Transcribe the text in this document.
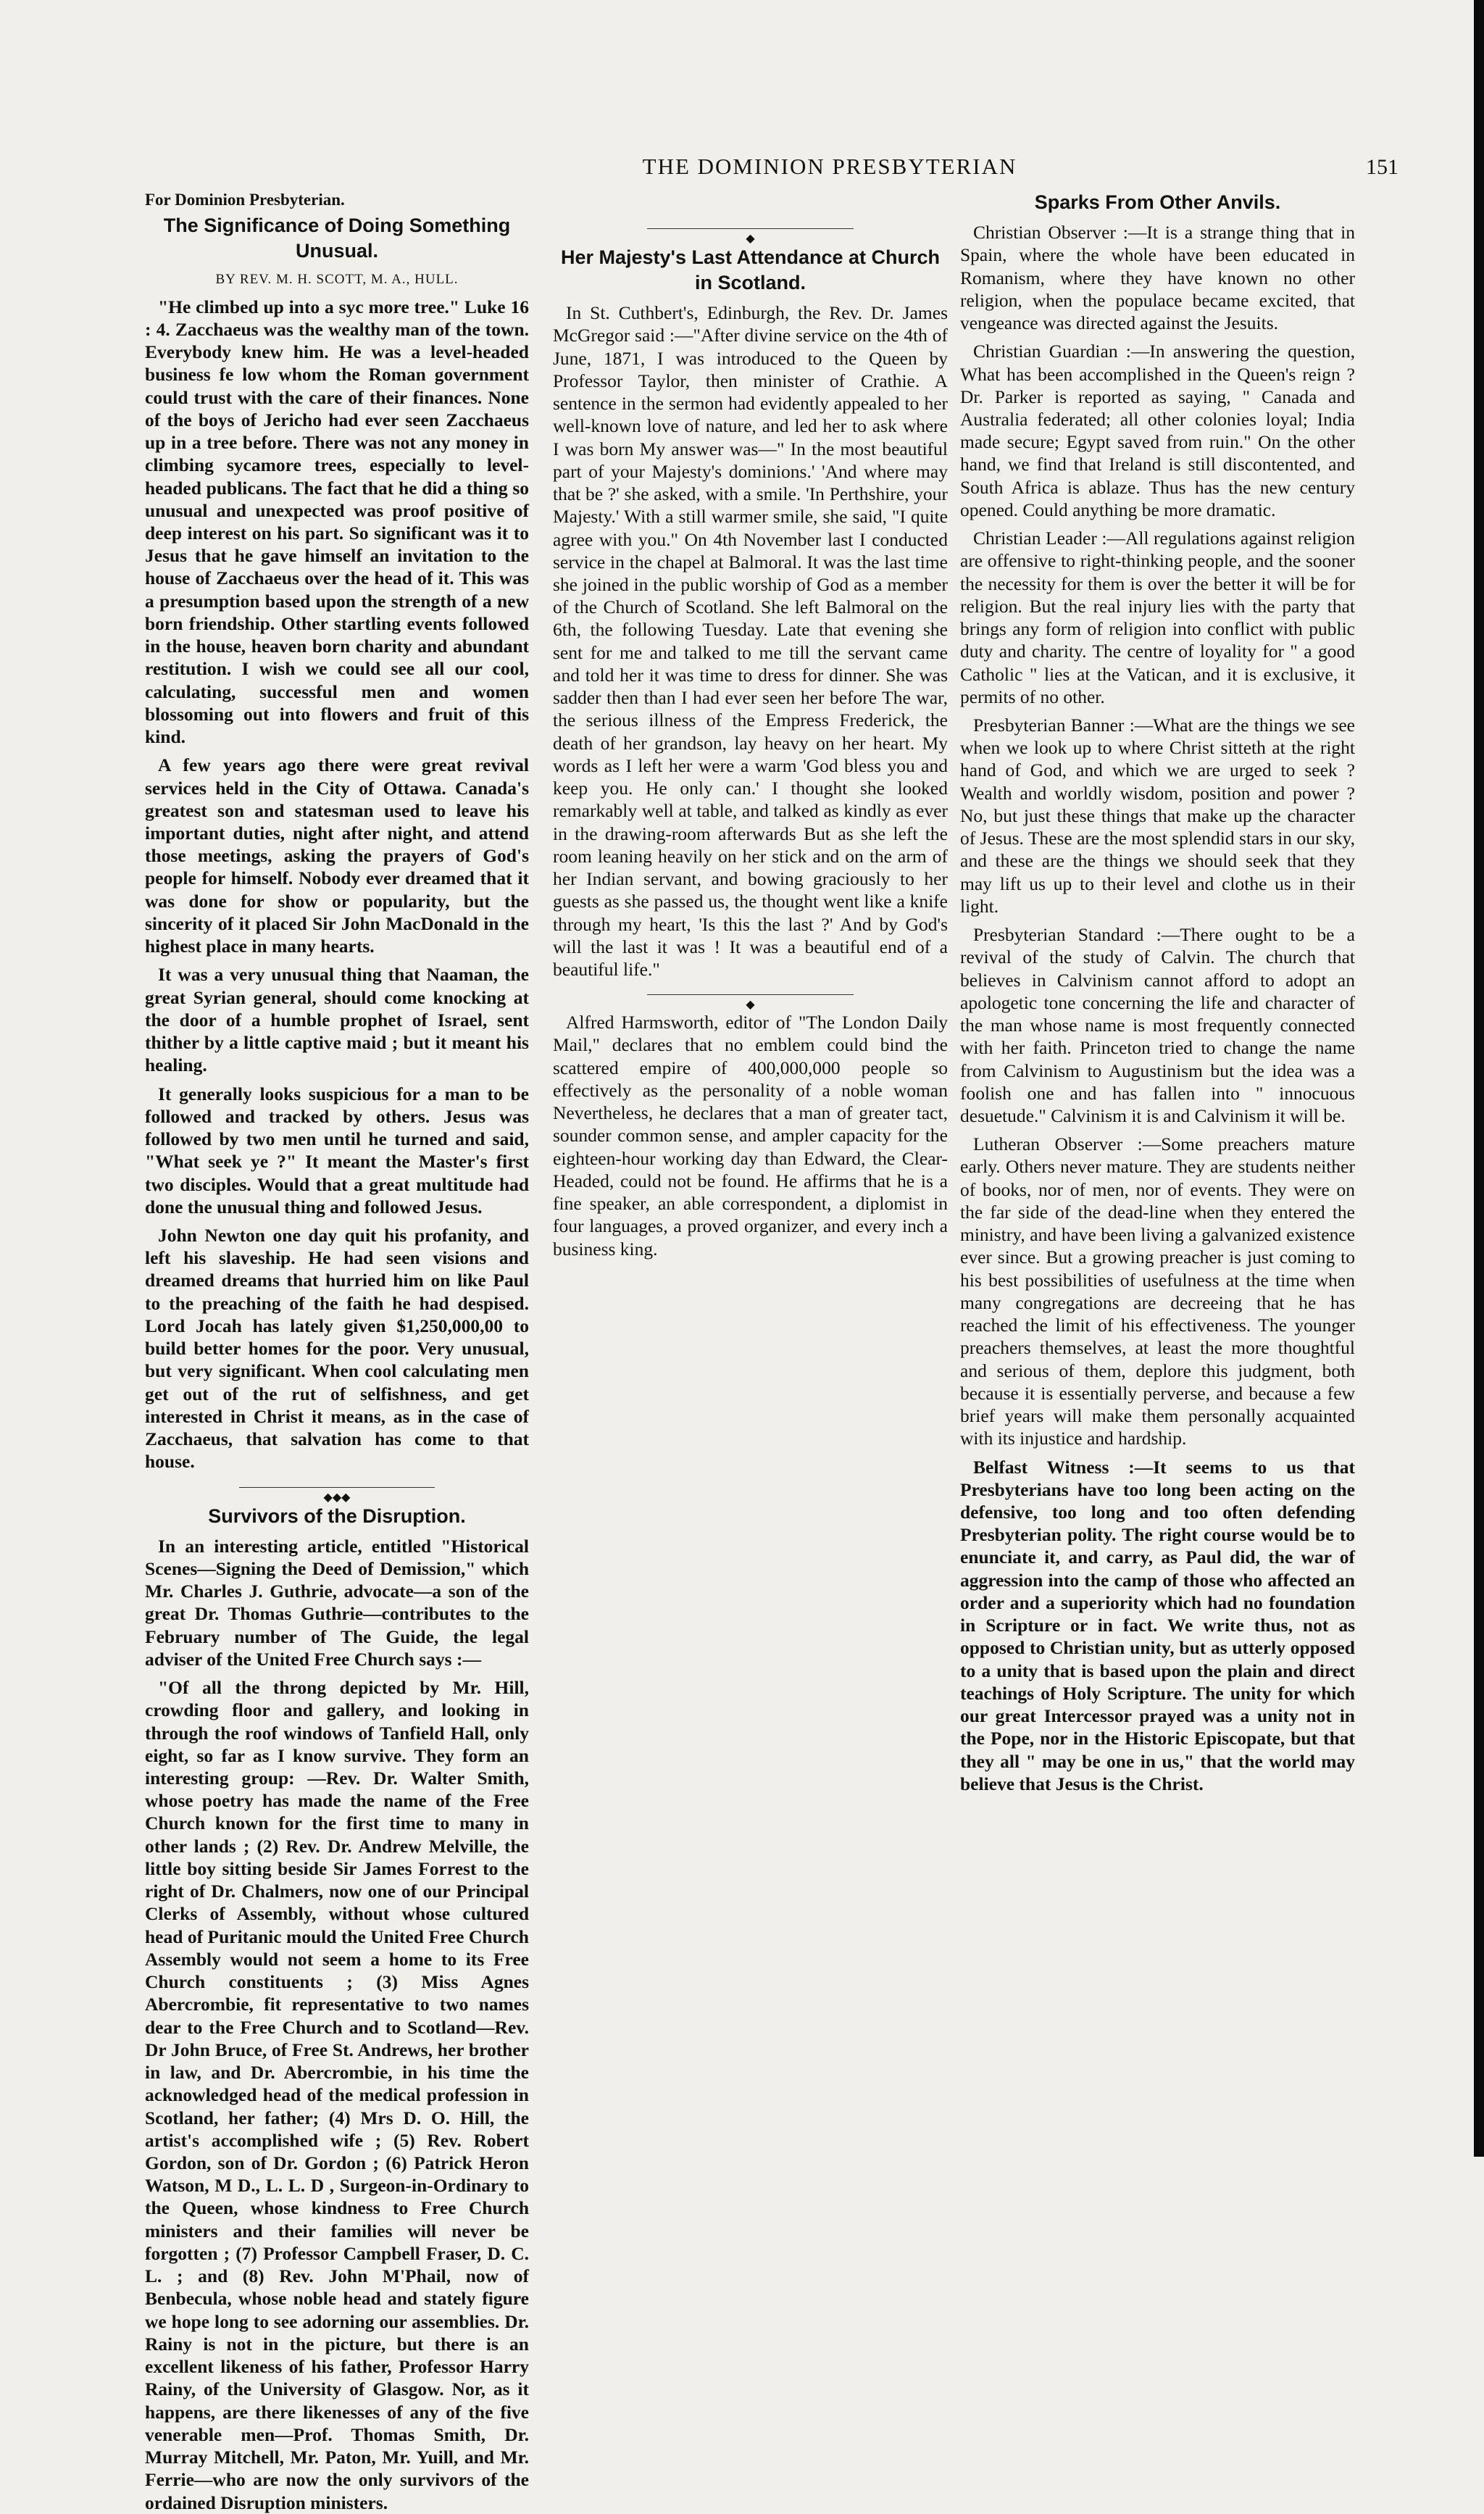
THE DOMINION PRESBYTERIAN	151
For Dominion Presbyterian.
The Significance of Doing Something Unusual.
BY REV. M. H. SCOTT, M. A., HULL.

"He climbed up into a syc more tree." Luke 16 : 4. Zacchaeus was the wealthy man of the town. Everybody knew him. He was a level-headed business fe low whom the Roman government could trust with the care of their finances. None of the boys of Jericho had ever seen Zacchaeus up in a tree before. There was not any money in climbing sycamore trees, especially to level-headed publicans. The fact that he did a thing so unusual and unexpected was proof positive of deep interest on his part. So significant was it to Jesus that he gave himself an invitation to the house of Zacchaeus over the head of it. This was a presumption based upon the strength of a new born friendship. Other startling events followed in the house, heaven born charity and abundant restitution. I wish we could see all our cool, calculating, successful men and women blossoming out into flowers and fruit of this kind.

A few years ago there were great revival services held in the City of Ottawa. Canada's greatest son and statesman used to leave his important duties, night after night, and attend those meetings, asking the prayers of God's people for himself. Nobody ever dreamed that it was done for show or popularity, but the sincerity of it placed Sir John MacDonald in the highest place in many hearts.

It was a very unusual thing that Naaman, the great Syrian general, should come knocking at the door of a humble prophet of Israel, sent thither by a little captive maid ; but it meant his healing.

It generally looks suspicious for a man to be followed and tracked by others. Jesus was followed by two men until he turned and said, "What seek ye ?" It meant the Master's first two disciples. Would that a great multitude had done the unusual thing and followed Jesus.

John Newton one day quit his profanity, and left his slaveship. He had seen visions and dreamed dreams that hurried him on like Paul to the preaching of the faith he had despised. Lord Jocah has lately given $1,250,000,00 to build better homes for the poor. Very unusual, but very significant. When cool calculating men get out of the rut of selfishness, and get interested in Christ it means, as in the case of Zacchaeus, that salvation has come to that house.

◆◆◆
Survivors of the Disruption.

In an interesting article, entitled "Historical Scenes—Signing the Deed of Demission," which Mr. Charles J. Guthrie, advocate—a son of the great Dr. Thomas Guthrie—contributes to the February number of The Guide, the legal adviser of the United Free Church says :—

"Of all the throng depicted by Mr. Hill, crowding floor and gallery, and looking in through the roof windows of Tanfield Hall, only eight, so far as I know survive. They form an interesting group: —Rev. Dr. Walter Smith, whose poetry has made the name of the Free Church known for the first time to many in other lands ; (2) Rev. Dr. Andrew Melville, the little boy sitting beside Sir James Forrest to the right of Dr. Chalmers, now one of our Principal Clerks of Assembly, without whose cultured head of Puritanic mould the United Free Church Assembly would not seem a home to its Free Church constituents ; (3) Miss Agnes Abercrombie, fit representative to two names dear to the Free Church and to Scotland—Rev. Dr John Bruce, of Free St. Andrews, her brother in law, and Dr. Abercrombie, in his time the acknowledged head of the medical profession in Scotland, her father; (4) Mrs D. O. Hill, the artist's accomplished wife ; (5) Rev. Robert Gordon, son of Dr. Gordon ; (6) Patrick Heron Watson, M D., L. L. D , Surgeon-in-Ordinary to the Queen, whose kindness to Free Church ministers and their families will never be forgotten ; (7) Professor Campbell Fraser, D. C. L. ; and (8) Rev. John M'Phail, now of Benbecula, whose noble head and stately figure we hope long to see adorning our assemblies. Dr. Rainy is not in the picture, but there is an excellent likeness of his father, Professor Harry Rainy, of the University of Glasgow. Nor, as it happens, are there likenesses of any of the five venerable men—Prof. Thomas Smith, Dr. Murray Mitchell, Mr. Paton, Mr. Yuill, and Mr. Ferrie—who are now the only survivors of the ordained Disruption ministers.

◆
Her Majesty's Last Attendance at Church in Scotland.

In St. Cuthbert's, Edinburgh, the Rev. Dr. James McGregor said :—"After divine service on the 4th of June, 1871, I was introduced to the Queen by Professor Taylor, then minister of Crathie. A sentence in the sermon had evidently appealed to her well-known love of nature, and led her to ask where I was born My answer was—" In the most beautiful part of your Majesty's dominions.' 'And where may that be ?' she asked, with a smile. 'In Perthshire, your Majesty.' With a still warmer smile, she said, "I quite agree with you." On 4th November last I conducted service in the chapel at Balmoral. It was the last time she joined in the public worship of God as a member of the Church of Scotland. She left Balmoral on the 6th, the following Tuesday. Late that evening she sent for me and talked to me till the servant came and told her it was time to dress for dinner. She was sadder then than I had ever seen her before The war, the serious illness of the Empress Frederick, the death of her grandson, lay heavy on her heart. My words as I left her were a warm 'God bless you and keep you. He only can.' I thought she looked remarkably well at table, and talked as kindly as ever in the drawing-room afterwards But as she left the room leaning heavily on her stick and on the arm of her Indian servant, and bowing graciously to her guests as she passed us, the thought went like a knife through my heart, 'Is this the last ?' And by God's will the last it was ! It was a beautiful end of a beautiful life."

◆

Alfred Harmsworth, editor of "The London Daily Mail," declares that no emblem could bind the scattered empire of 400,000,000 people so effectively as the personality of a noble woman Nevertheless, he declares that a man of greater tact, sounder common sense, and ampler capacity for the eighteen-hour working day than Edward, the Clear-Headed, could not be found. He affirms that he is a fine speaker, an able correspondent, a diplomist in four languages, a proved organizer, and every inch a business king.

Sparks From Other Anvils.

Christian Observer :—It is a strange thing that in Spain, where the whole have been educated in Romanism, where they have known no other religion, when the populace became excited, that vengeance was directed against the Jesuits.

Christian Guardian :—In answering the question, What has been accomplished in the Queen's reign ? Dr. Parker is reported as saying, " Canada and Australia federated; all other colonies loyal; India made secure; Egypt saved from ruin." On the other hand, we find that Ireland is still discontented, and South Africa is ablaze. Thus has the new century opened. Could anything be more dramatic.

Christian Leader :—All regulations against religion are offensive to right-thinking people, and the sooner the necessity for them is over the better it will be for religion. But the real injury lies with the party that brings any form of religion into conflict with public duty and charity. The centre of loyality for " a good Catholic " lies at the Vatican, and it is exclusive, it permits of no other.

Presbyterian Banner :—What are the things we see when we look up to where Christ sitteth at the right hand of God, and which we are urged to seek ? Wealth and worldly wisdom, position and power ? No, but just these things that make up the character of Jesus. These are the most splendid stars in our sky, and these are the things we should seek that they may lift us up to their level and clothe us in their light.

Presbyterian Standard :—There ought to be a revival of the study of Calvin. The church that believes in Calvinism cannot afford to adopt an apologetic tone concerning the life and character of the man whose name is most frequently connected with her faith. Princeton tried to change the name from Calvinism to Augustinism but the idea was a foolish one and has fallen into " innocuous desuetude." Calvinism it is and Calvinism it will be.

Lutheran Observer :—Some preachers mature early. Others never mature. They are students neither of books, nor of men, nor of events. They were on the far side of the dead-line when they entered the ministry, and have been living a galvanized existence ever since. But a growing preacher is just coming to his best possibilities of usefulness at the time when many congregations are decreeing that he has reached the limit of his effectiveness. The younger preachers themselves, at least the more thoughtful and serious of them, deplore this judgment, both because it is essentially perverse, and because a few brief years will make them personally acquainted with its injustice and hardship.

Belfast Witness :—It seems to us that Presbyterians have too long been acting on the defensive, too long and too often defending Presbyterian polity. The right course would be to enunciate it, and carry, as Paul did, the war of aggression into the camp of those who affected an order and a superiority which had no foundation in Scripture or in fact. We write thus, not as opposed to Christian unity, but as utterly opposed to a unity that is based upon the plain and direct teachings of Holy Scripture. The unity for which our great Intercessor prayed was a unity not in the Pope, nor in the Historic Episcopate, but that they all " may be one in us," that the world may believe that Jesus is the Christ.
